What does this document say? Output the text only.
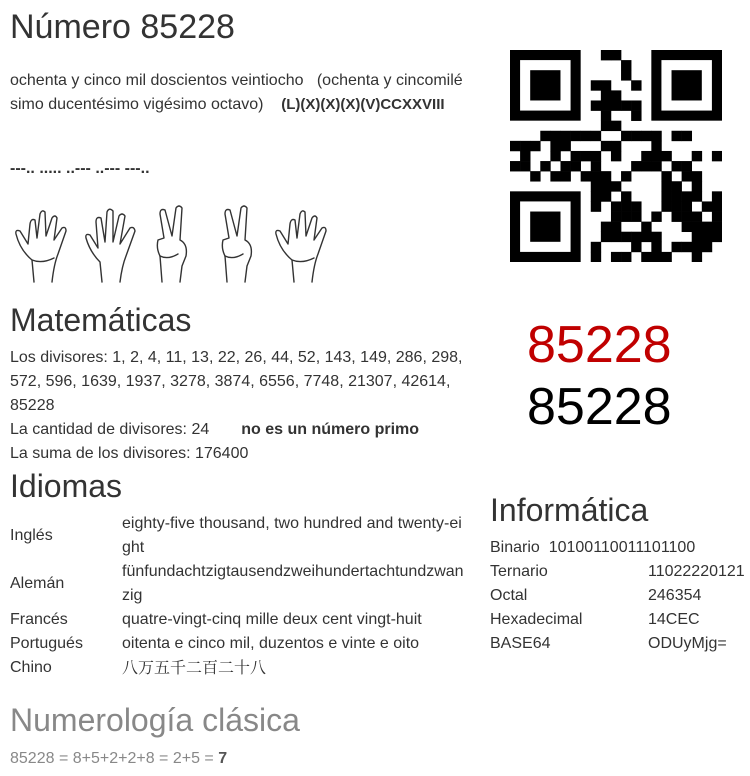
Número 85228
ochenta y cinco mil doscientos veintiocho (ochenta y cincomilé
simo ducentésimo vigésimo octavo) (L)(X)(X)(X)(V)CCXXVIII
---.. ..... ..--- ..--- ---..
Matemáticas
Los divisores: 1, 2, 4, 11, 13, 22, 26, 44, 52, 143, 149, 286, 298,
572, 596, 1639, 1937, 3278, 3874, 6556, 7748, 21307, 42614,
85228
La cantidad de divisores: 24 no es un número primo
La suma de los divisores: 176400
85228
85228
Idiomas
Inglés	eighty-five thousand, two hundred and twenty-eight
Alemán	fünfundachtzigtausendzweihundertachtundzwanzig
Francés	quatre-vingt-cinq mille deux cent vingt-huit
Portugués	oitenta e cinco mil, duzentos e vinte e oito
Chino	八万五千二百二十八
Informática
Binario 10100110011101100	
Ternario	11022220121
Octal	246354
Hexadecimal	14CEC
BASE64	ODUyMjg=
Numerología clásica
85228 = 8+5+2+2+8 = 2+5 = 7
